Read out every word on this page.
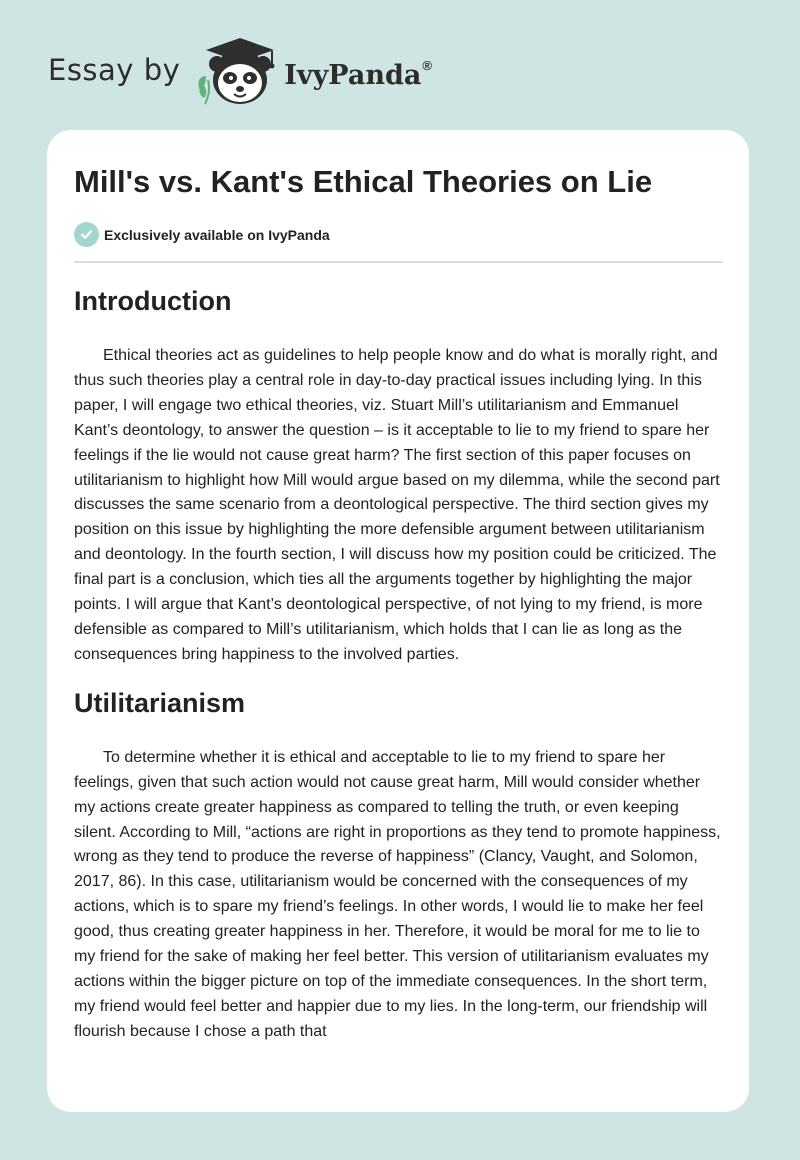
Essay by	IvyPanda®
Mill's vs. Kant's Ethical Theories on Lie
Exclusively available on IvyPanda
Introduction

Ethical theories act as guidelines to help people know and do what is morally right, and thus such theories play a central role in day-to-day practical issues including lying. In this paper, I will engage two ethical theories, viz. Stuart Mill’s utilitarianism and Emmanuel Kant’s deontology, to answer the question – is it acceptable to lie to my friend to spare her feelings if the lie would not cause great harm? The first section of this paper focuses on utilitarianism to highlight how Mill would argue based on my dilemma, while the second part discusses the same scenario from a deontological perspective. The third section gives my position on this issue by highlighting the more defensible argument between utilitarianism and deontology. In the fourth section, I will discuss how my position could be criticized. The final part is a conclusion, which ties all the arguments together by highlighting the major points. I will argue that Kant’s deontological perspective, of not lying to my friend, is more defensible as compared to Mill’s utilitarianism, which holds that I can lie as long as the consequences bring happiness to the involved parties.

Utilitarianism

To determine whether it is ethical and acceptable to lie to my friend to spare her feelings, given that such action would not cause great harm, Mill would consider whether my actions create greater happiness as compared to telling the truth, or even keeping silent. According to Mill, “actions are right in proportions as they tend to promote happiness, wrong as they tend to produce the reverse of happiness” (Clancy, Vaught, and Solomon, 2017, 86). In this case, utilitarianism would be concerned with the consequences of my actions, which is to spare my friend’s feelings. In other words, I would lie to make her feel good, thus creating greater happiness in her. Therefore, it would be moral for me to lie to my friend for the sake of making her feel better. This version of utilitarianism evaluates my actions within the bigger picture on top of the immediate consequences. In the short term, my friend would feel better and happier due to my lies. In the long-term, our friendship will flourish because I chose a path that
